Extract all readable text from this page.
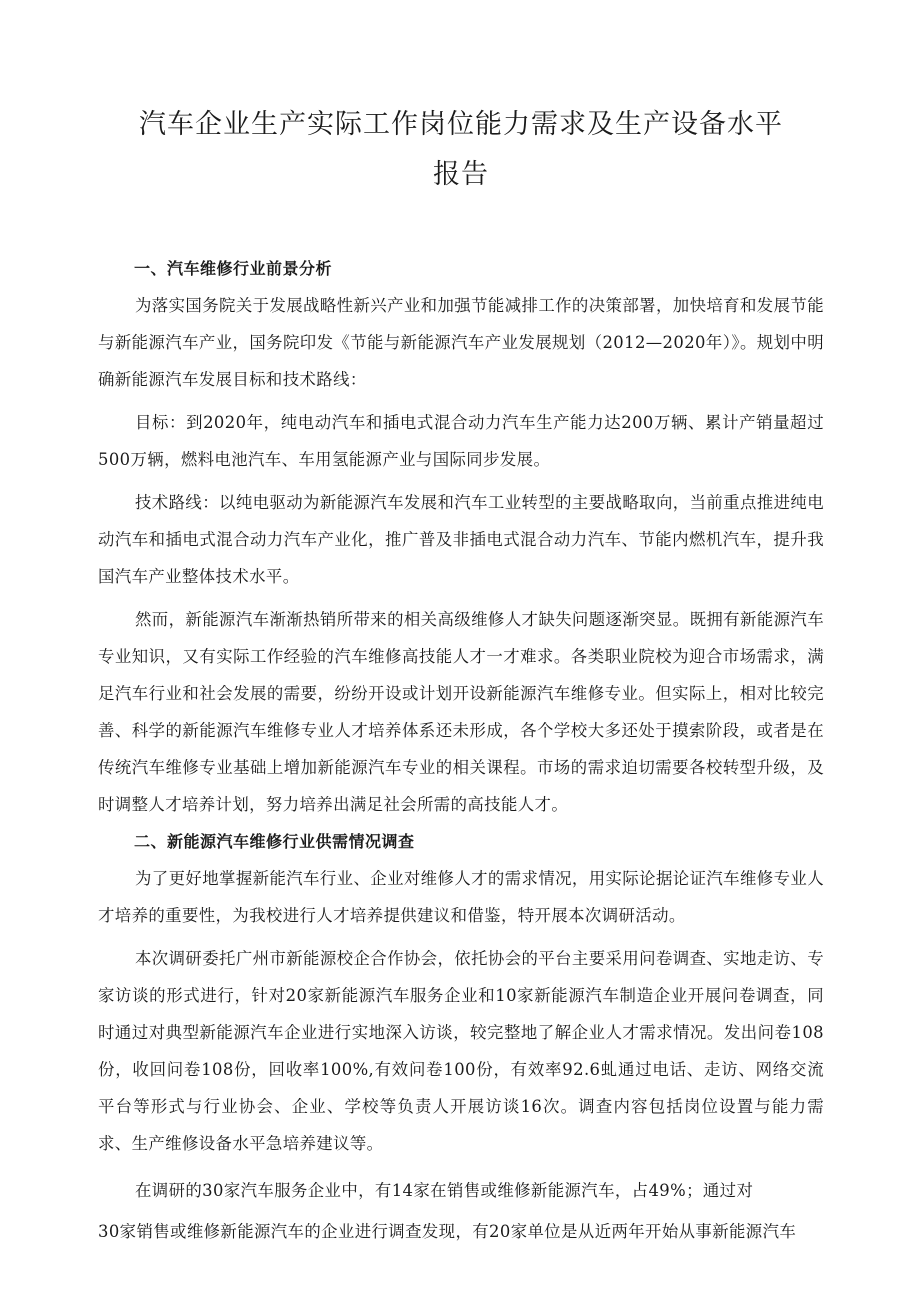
汽车企业生产实际工作岗位能力需求及生产设备水平
报告

一、汽车维修行业前景分析

为落实国务院关于发展战略性新兴产业和加强节能减排工作的决策部署，加快培育和发展节能与新能源汽车产业，国务院印发《节能与新能源汽车产业发展规划（2012—2020年）》。规划中明确新能源汽车发展目标和技术路线：

目标：到2020年，纯电动汽车和插电式混合动力汽车生产能力达200万辆、累计产销量超过500万辆，燃料电池汽车、车用氢能源产业与国际同步发展。

技术路线：以纯电驱动为新能源汽车发展和汽车工业转型的主要战略取向，当前重点推进纯电动汽车和插电式混合动力汽车产业化，推广普及非插电式混合动力汽车、节能内燃机汽车，提升我国汽车产业整体技术水平。

然而，新能源汽车渐渐热销所带来的相关高级维修人才缺失问题逐渐突显。既拥有新能源汽车专业知识，又有实际工作经验的汽车维修高技能人才一才难求。各类职业院校为迎合市场需求，满足汽车行业和社会发展的需要，纷纷开设或计划开设新能源汽车维修专业。但实际上，相对比较完善、科学的新能源汽车维修专业人才培养体系还未形成，各个学校大多还处于摸索阶段，或者是在传统汽车维修专业基础上增加新能源汽车专业的相关课程。市场的需求迫切需要各校转型升级，及时调整人才培养计划，努力培养出满足社会所需的高技能人才。

二、新能源汽车维修行业供需情况调查

为了更好地掌握新能汽车行业、企业对维修人才的需求情况，用实际论据论证汽车维修专业人才培养的重要性，为我校进行人才培养提供建议和借鉴，特开展本次调研活动。

本次调研委托广州市新能源校企合作协会，依托协会的平台主要采用问卷调查、实地走访、专家访谈的形式进行，针对20家新能源汽车服务企业和10家新能源汽车制造企业开展问卷调查，同时通过对典型新能源汽车企业进行实地深入访谈，较完整地了解企业人才需求情况。发出问卷108份，收回问卷108份，回收率100%,有效问卷100份，有效率92.6虬通过电话、走访、网络交流平台等形式与行业协会、企业、学校等负责人开展访谈16次。调查内容包括岗位设置与能力需求、生产维修设备水平急培养建议等。

在调研的30家汽车服务企业中，有14家在销售或维修新能源汽车，占49%；通过对

30家销售或维修新能源汽车的企业进行调查发现，有20家单位是从近两年开始从事新能源汽车
